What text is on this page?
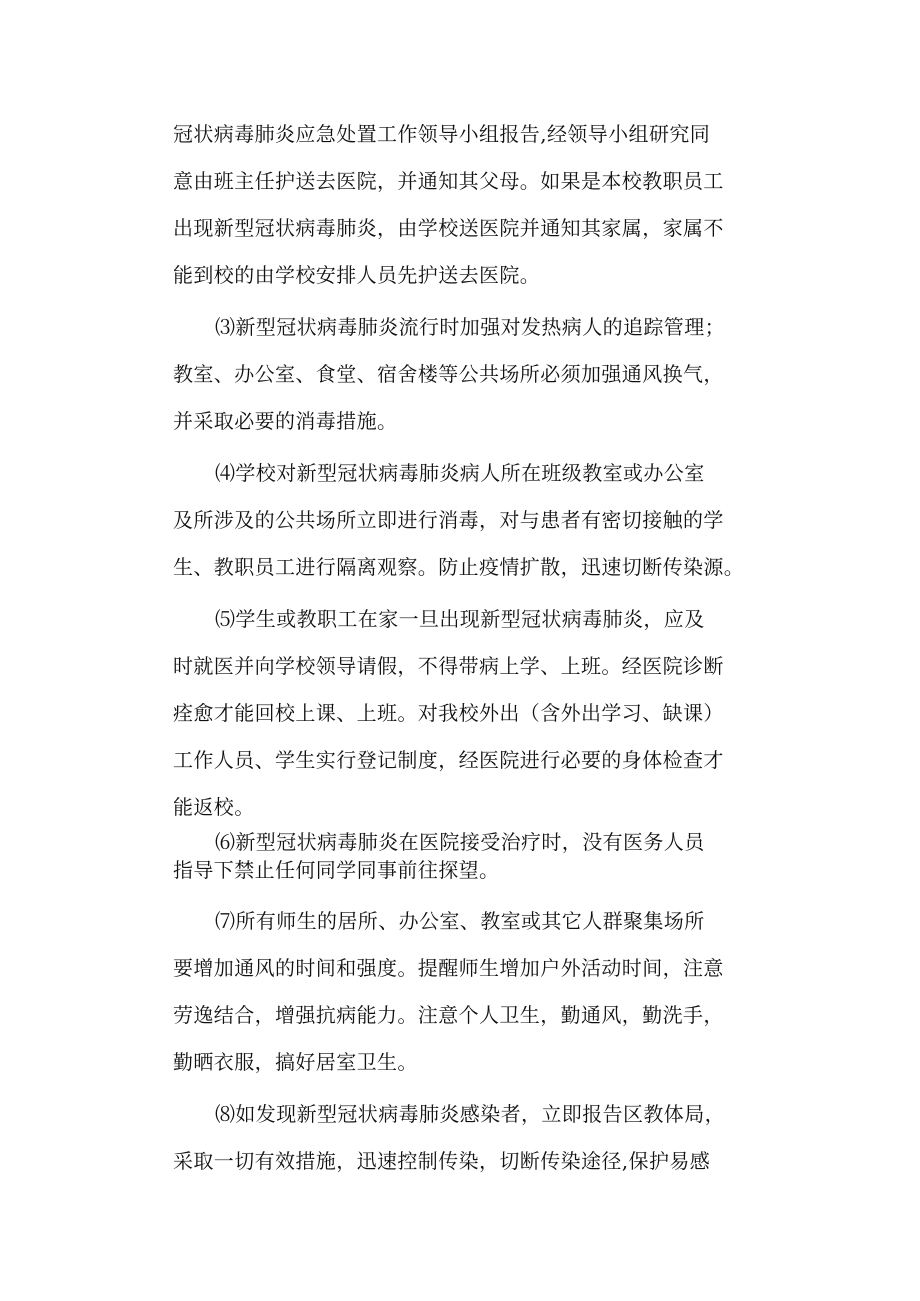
冠状病毒肺炎应急处置工作领导小组报告,经领导小组研究同
意由班主任护送去医院，并通知其父母。如果是本校教职员工
出现新型冠状病毒肺炎，由学校送医院并通知其家属，家属不
能到校的由学校安排人员先护送去医院。
⑶新型冠状病毒肺炎流行时加强对发热病人的追踪管理；
教室、办公室、食堂、宿舍楼等公共场所必须加强通风换气，
并采取必要的消毒措施。
⑷学校对新型冠状病毒肺炎病人所在班级教室或办公室
及所涉及的公共场所立即进行消毒，对与患者有密切接触的学
生、教职员工进行隔离观察。防止疫情扩散，迅速切断传染源。
⑸学生或教职工在家一旦出现新型冠状病毒肺炎，应及
时就医并向学校领导请假，不得带病上学、上班。经医院诊断
痊愈才能回校上课、上班。对我校外出（含外出学习、缺课）
工作人员、学生实行登记制度，经医院进行必要的身体检查才
能返校。
⑹新型冠状病毒肺炎在医院接受治疗时，没有医务人员
指导下禁止任何同学同事前往探望。
⑺所有师生的居所、办公室、教室或其它人群聚集场所
要增加通风的时间和强度。提醒师生增加户外活动时间，注意
劳逸结合，增强抗病能力。注意个人卫生，勤通风，勤洗手，
勤晒衣服，搞好居室卫生。
⑻如发现新型冠状病毒肺炎感染者，立即报告区教体局，
采取一切有效措施，迅速控制传染，切断传染途径,保护易感
